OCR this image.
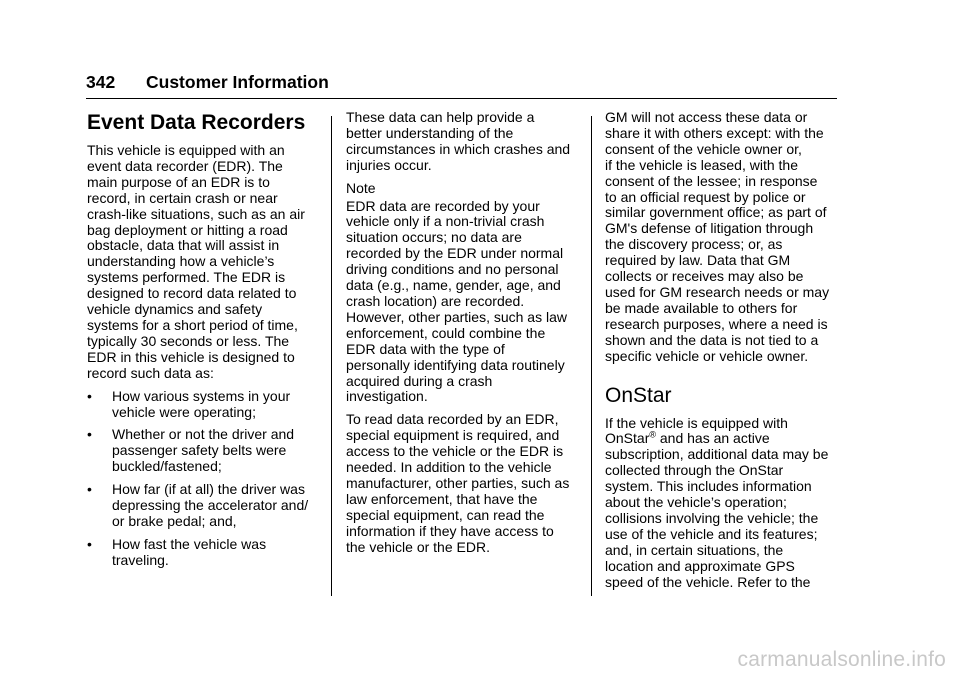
342 Customer Information
Event Data Recorders

This vehicle is equipped with an
event data recorder (EDR). The
main purpose of an EDR is to
record, in certain crash or near
crash-like situations, such as an air
bag deployment or hitting a road
obstacle, data that will assist in
understanding how a vehicle’s
systems performed. The EDR is
designed to record data related to
vehicle dynamics and safety
systems for a short period of time,
typically 30 seconds or less. The
EDR in this vehicle is designed to
record such data as:

• How various systems in your
vehicle were operating;
• Whether or not the driver and
passenger safety belts were
buckled/fastened;
• How far (if at all) the driver was
depressing the accelerator and/
or brake pedal; and,
• How fast the vehicle was
traveling.

These data can help provide a
better understanding of the
circumstances in which crashes and
injuries occur.

Note

EDR data are recorded by your
vehicle only if a non-trivial crash
situation occurs; no data are
recorded by the EDR under normal
driving conditions and no personal
data (e.g., name, gender, age, and
crash location) are recorded.
However, other parties, such as law
enforcement, could combine the
EDR data with the type of
personally identifying data routinely
acquired during a crash
investigation.

To read data recorded by an EDR,
special equipment is required, and
access to the vehicle or the EDR is
needed. In addition to the vehicle
manufacturer, other parties, such as
law enforcement, that have the
special equipment, can read the
information if they have access to
the vehicle or the EDR.

GM will not access these data or
share it with others except: with the
consent of the vehicle owner or,
if the vehicle is leased, with the
consent of the lessee; in response
to an official request by police or
similar government office; as part of
GM's defense of litigation through
the discovery process; or, as
required by law. Data that GM
collects or receives may also be
used for GM research needs or may
be made available to others for
research purposes, where a need is
shown and the data is not tied to a
specific vehicle or vehicle owner.

OnStar

If the vehicle is equipped with
OnStar® and has an active
subscription, additional data may be
collected through the OnStar
system. This includes information
about the vehicle’s operation;
collisions involving the vehicle; the
use of the vehicle and its features;
and, in certain situations, the
location and approximate GPS
speed of the vehicle. Refer to the

carmanualsonline.info
